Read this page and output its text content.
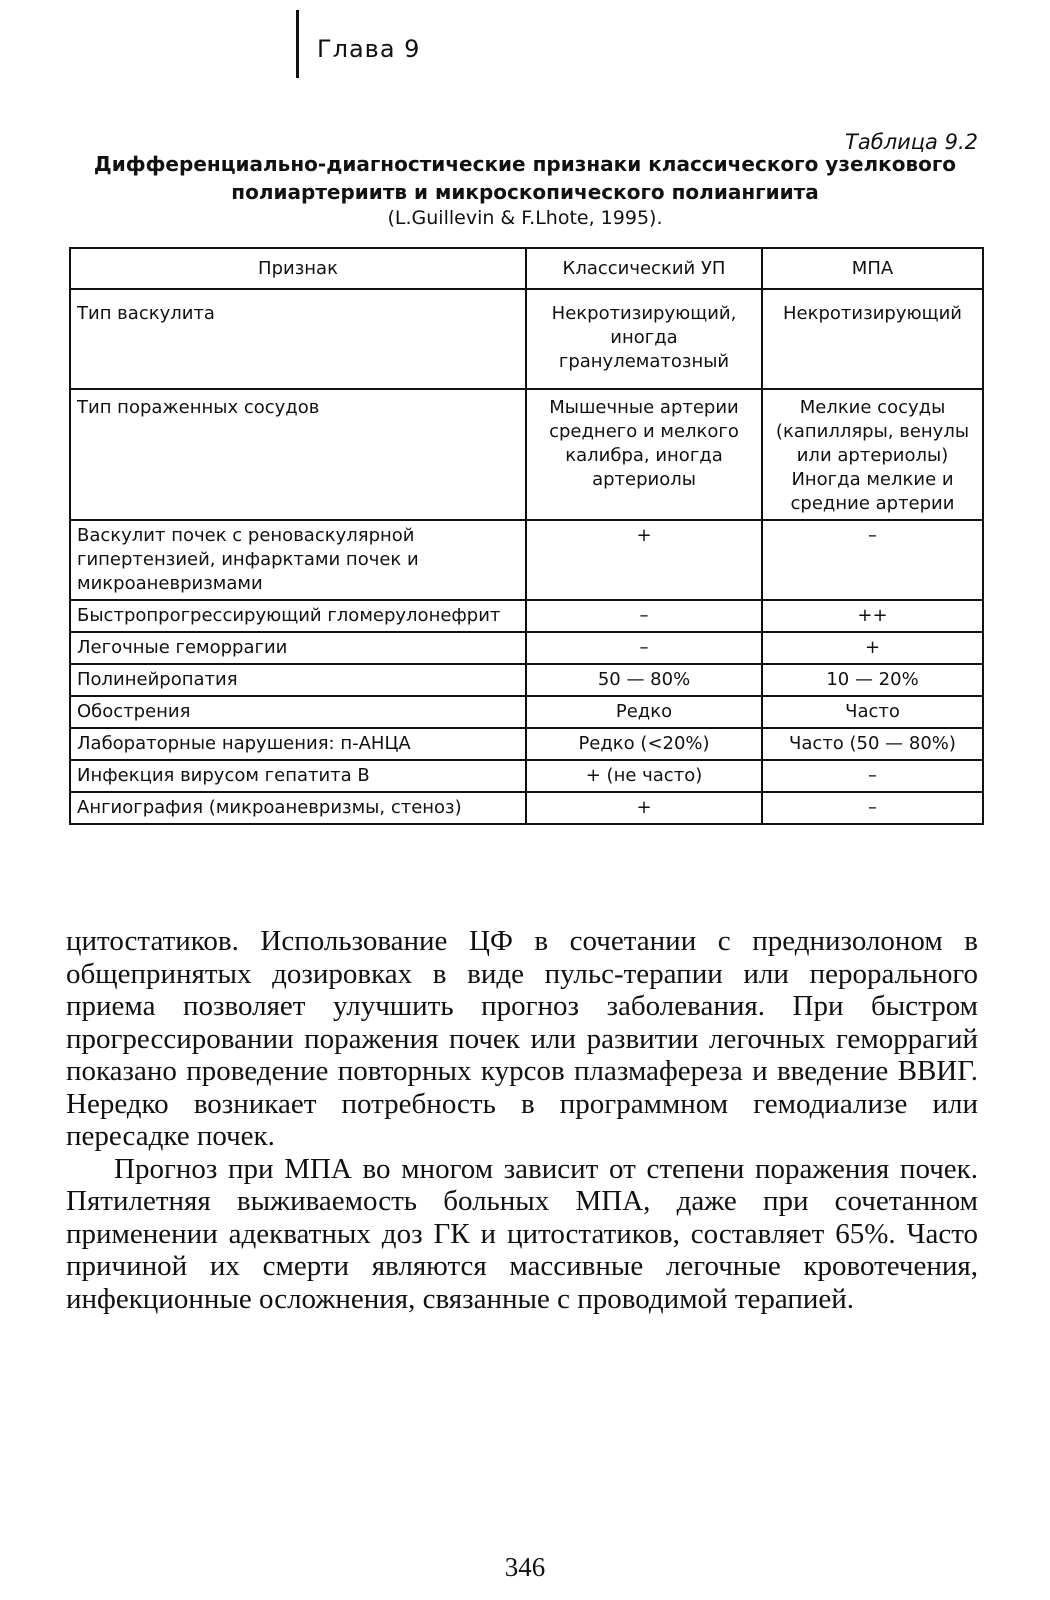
Глава 9
Таблица 9.2
Дифференциально-диагностические признаки классического узелкового
полиартериитв и микроскопического полиангиита
(L.Guillevin & F.Lhote, 1995).
Признак	Классический УП	МПА
Тип васкулита	Некротизирующий, иногда гранулематозный	Некротизирующий
Тип пораженных сосудов	Мышечные артерии среднего и мелкого калибра, иногда артериолы	Мелкие сосуды (капилляры, венулы или артериолы) Иногда мелкие и средние артерии
Васкулит почек с реноваскулярной гипертензией, инфарктами почек и микроаневризмами	+	–
Быстропрогрессирующий гломерулонефрит	–	++
Легочные геморрагии	–	+
Полинейропатия	50 — 80%	10 — 20%
Обострения	Редко	Часто
Лабораторные нарушения: п-АНЦА	Редко (<20%)	Часто (50 — 80%)
Инфекция вирусом гепатита В	+ (не часто)	–
Ангиография (микроаневризмы, стеноз)	+	–

цитостатиков. Использование ЦФ в сочетании с преднизолоном в общепринятых дозировках в виде пульс-терапии или перорального приема позволяет улучшить прогноз заболевания. При быстром прогрессировании поражения почек или развитии легочных геморрагий показано проведение повторных курсов плазмафереза и введение ВВИГ. Нередко возникает потребность в программном гемодиализе или пересадке почек.

Прогноз при МПА во многом зависит от степени поражения почек. Пятилетняя выживаемость больных МПА, даже при сочетанном применении адекватных доз ГК и цитостатиков, составляет 65%. Часто причиной их смерти являются массивные легочные кровотечения, инфекционные осложнения, связанные с проводимой терапией.

346
